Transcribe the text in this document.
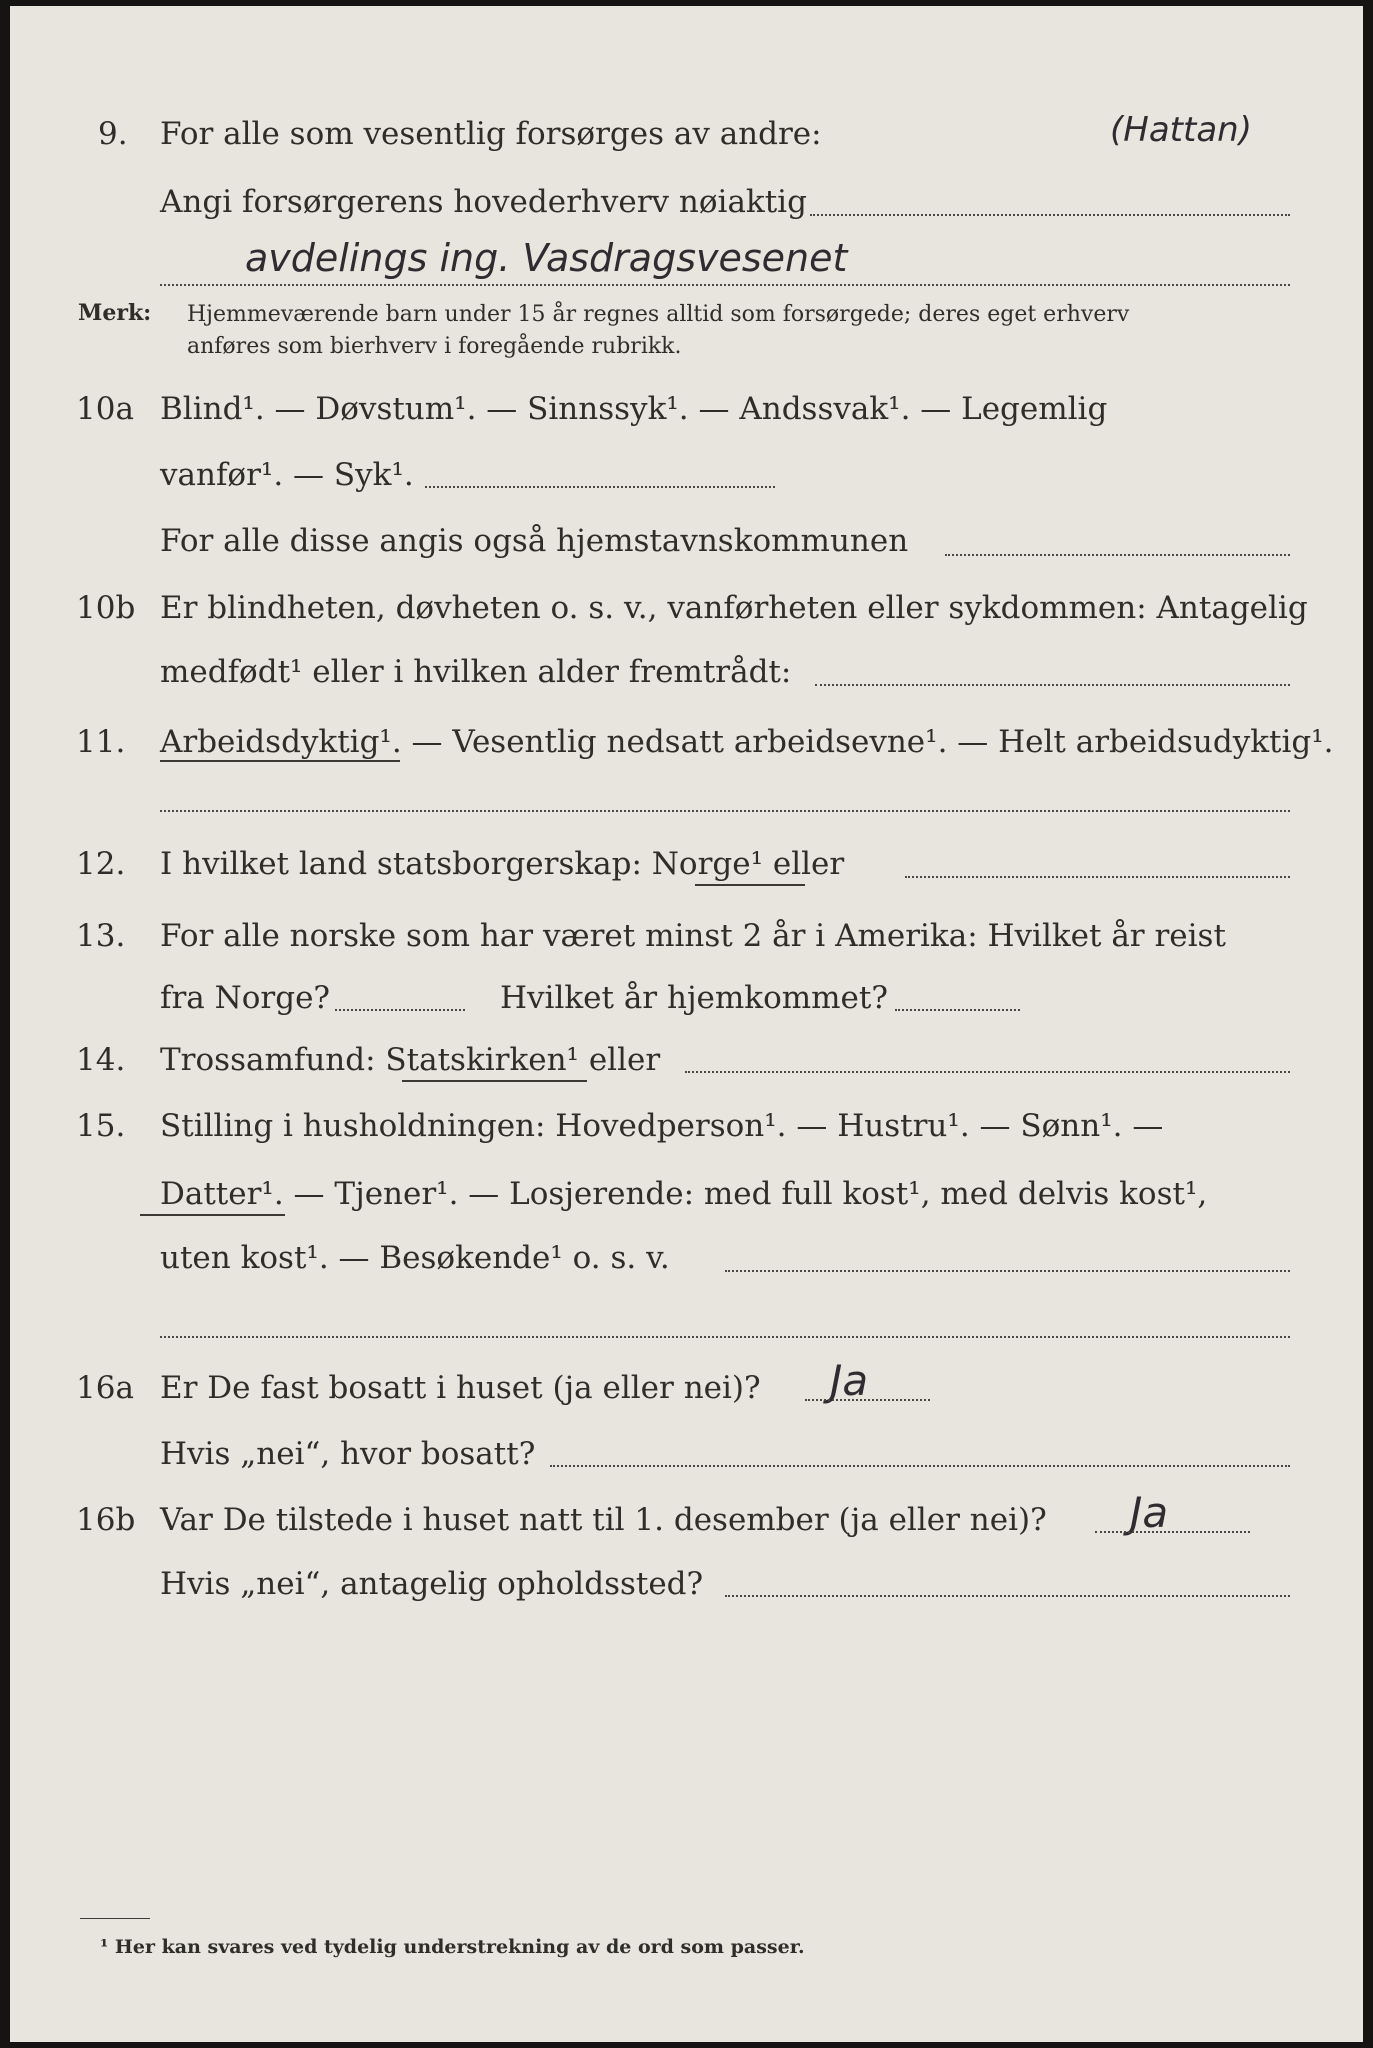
9. For alle som vesentlig forsørges av andre:	(Hattan)
Angi forsørgerens hovederhverv nøiaktig
avdelings ing. Vasdragsvesenet
Merk: Hjemmeværende barn under 15 år regnes alltid som forsørgede; deres eget erhverv
anføres som bierhverv i foregående rubrikk.
10a Blind¹. — Døvstum¹. — Sinnssyk¹. — Andssvak¹. — Legemlig
vanfør¹. — Syk¹.
For alle disse angis også hjemstavnskommunen
10b Er blindheten, døvheten o. s. v., vanførheten eller sykdommen: Antagelig
medfødt¹ eller i hvilken alder fremtrådt:
11. Arbeidsdyktig¹. — Vesentlig nedsatt arbeidsevne¹. — Helt arbeidsudyktig¹.
12. I hvilket land statsborgerskap: Norge¹ eller
13. For alle norske som har været minst 2 år i Amerika: Hvilket år reist
fra Norge?	Hvilket år hjemkommet?
14. Trossamfund: Statskirken¹ eller
15. Stilling i husholdningen: Hovedperson¹. — Hustru¹. — Sønn¹. —
Datter¹. — Tjener¹. — Losjerende: med full kost¹, med delvis kost¹,
uten kost¹. — Besøkende¹ o. s. v.
16a Er De fast bosatt i huset (ja eller nei)? Ja
Hvis „nei“, hvor bosatt?
16b Var De tilstede i huset natt til 1. desember (ja eller nei)? Ja
Hvis „nei“, antagelig opholdssted?
¹ Her kan svares ved tydelig understrekning av de ord som passer.
